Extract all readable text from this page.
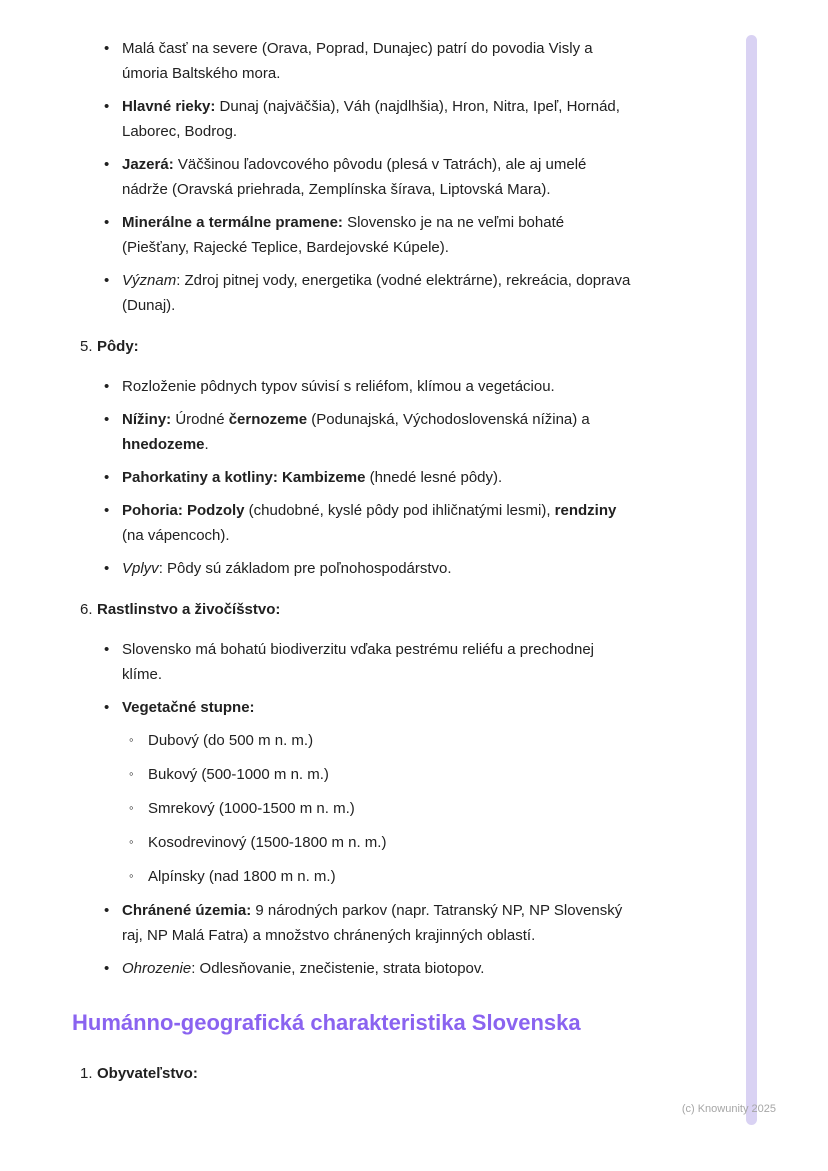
• Malá časť na severe (Orava, Poprad, Dunajec) patrí do povodia Visly a úmoria Baltského mora.
• Hlavné rieky: Dunaj (najväčšia), Váh (najdlhšia), Hron, Nitra, Ipeľ, Hornád, Laborec, Bodrog.
• Jazerá: Väčšinou ľadovcového pôvodu (plesá v Tatrách), ale aj umelé nádrže (Oravská priehrada, Zemplínska šírava, Liptovská Mara).
• Minerálne a termálne pramene: Slovensko je na ne veľmi bohaté (Piešťany, Rajecké Teplice, Bardejovské Kúpele).
• Význam: Zdroj pitnej vody, energetika (vodné elektrárne), rekreácia, doprava (Dunaj).
5. Pôdy:
• Rozloženie pôdnych typov súvisí s reliéfom, klímou a vegetáciou.
• Nížiny: Úrodné černozeme (Podunajská, Východoslovenská nížina) a hnedozeme.
• Pahorkatiny a kotliny: Kambizeme (hnedé lesné pôdy).
• Pohoria: Podzoly (chudobné, kyslé pôdy pod ihličnatými lesmi), rendziny (na vápencoch).
• Vplyv: Pôdy sú základom pre poľnohospodárstvo.
6. Rastlinstvo a živočíšstvo:
• Slovensko má bohatú biodiverzitu vďaka pestrému reliéfu a prechodnej klíme.
• Vegetačné stupne:
◦ Dubový (do 500 m n. m.)
◦ Bukový (500-1000 m n. m.)
◦ Smrekový (1000-1500 m n. m.)
◦ Kosodrevinový (1500-1800 m n. m.)
◦ Alpínsky (nad 1800 m n. m.)
• Chránené územia: 9 národných parkov (napr. Tatranský NP, NP Slovenský raj, NP Malá Fatra) a množstvo chránených krajinných oblastí.
• Ohrozenie: Odlesňovanie, znečistenie, strata biotopov.
Humánno-geografická charakteristika Slovenska
1. Obyvateľstvo:
(c) Knowunity 2025
